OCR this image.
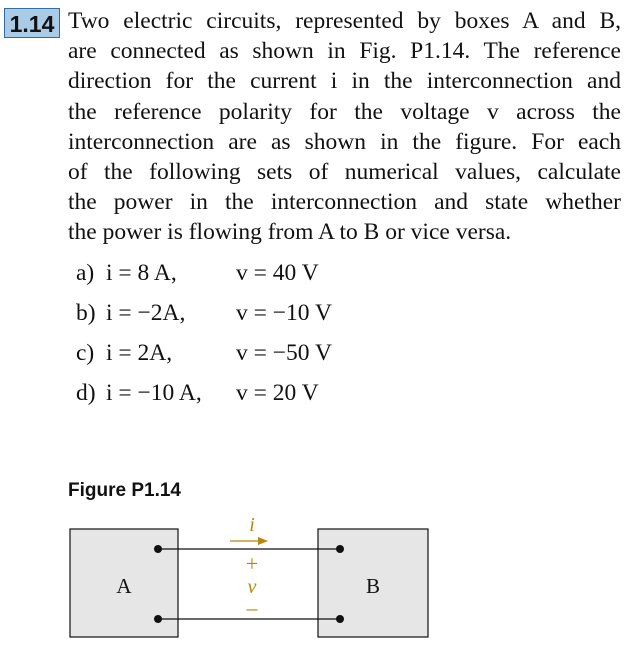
1.14 Two electric circuits, represented by boxes A and B,
are connected as shown in Fig. P1.14. The reference
direction for the current i in the interconnection and
the reference polarity for the voltage v across the
interconnection are as shown in the figure. For each
of the following sets of numerical values, calculate
the power in the interconnection and state whether
the power is flowing from A to B or vice versa.
a) i = 8 A,	v = 40 V
b) i = −2A, v = −10 V
c) i = 2A,	v = −50 V
d) i = −10 A, v = 20 V
Figure P1.14
i
+
v
–
A	B
